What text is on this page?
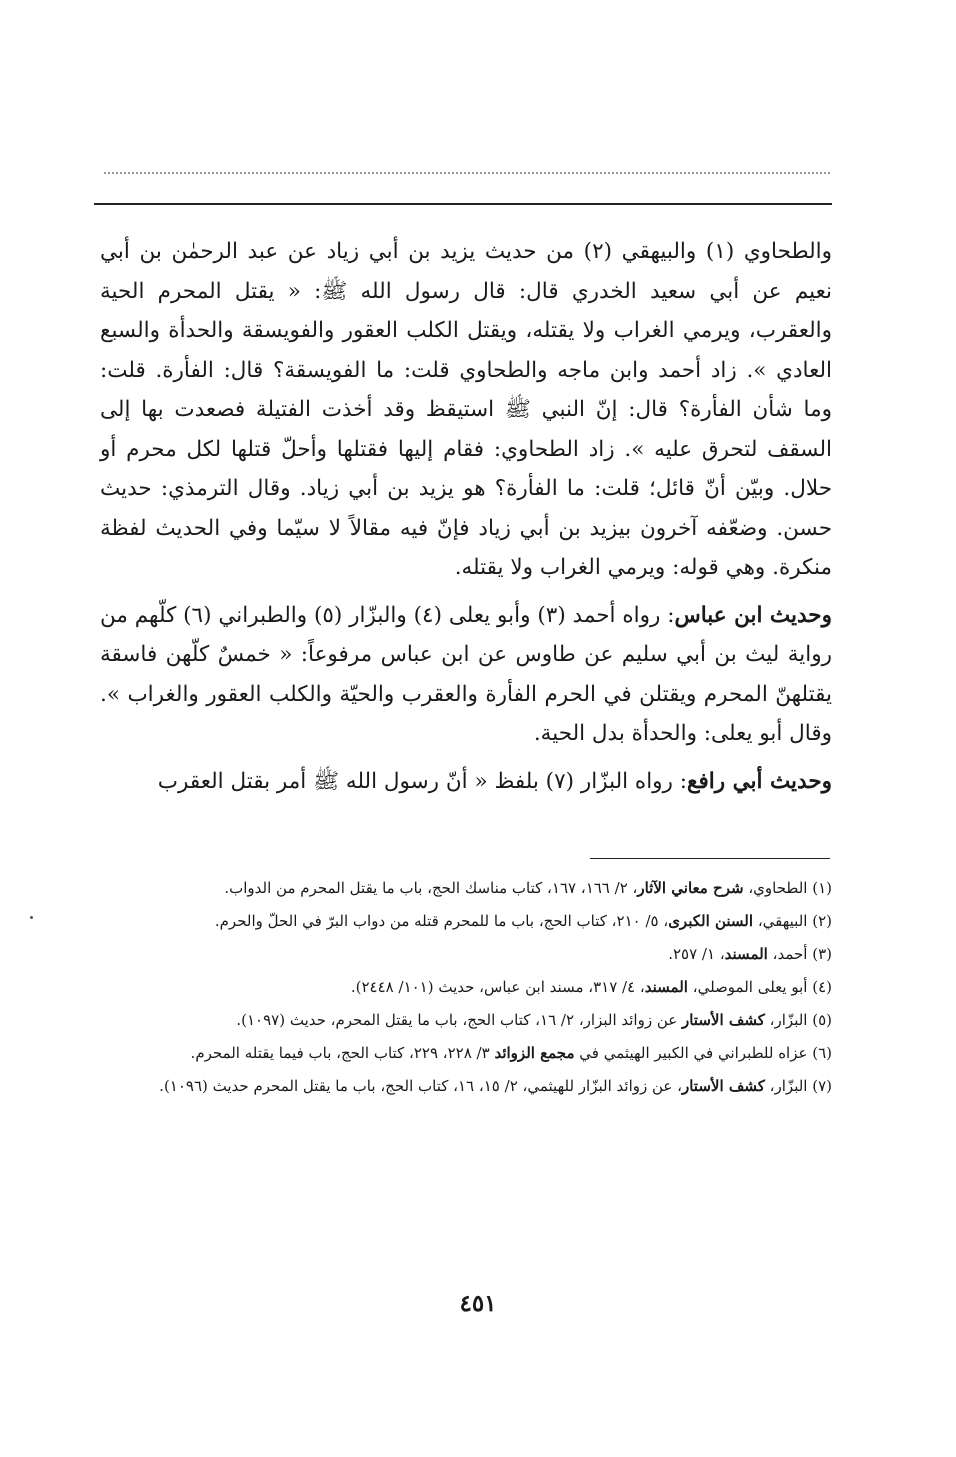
والطحاوي (١) والبيهقي (٢) من حديث يزيد بن أبي زياد عن عبد الرحمٰن بن أبي نعيم عن أبي سعيد الخدري قال: قال رسول الله ﷺ: « يقتل المحرم الحية والعقرب، ويرمي الغراب ولا يقتله، ويقتل الكلب العقور والفويسقة والحدأة والسبع العادي ». زاد أحمد وابن ماجه والطحاوي قلت: ما الفويسقة؟ قال: الفأرة. قلت: وما شأن الفأرة؟ قال: إنّ النبي ﷺ استيقظ وقد أخذت الفتيلة فصعدت بها إلى السقف لتحرق عليه ». زاد الطحاوي: فقام إليها فقتلها وأحلّ قتلها لكل محرم أو حلال. وبيّن أنّ قائل؛ قلت: ما الفأرة؟ هو يزيد بن أبي زياد. وقال الترمذي: حديث حسن. وضعّفه آخرون بيزيد بن أبي زياد فإنّ فيه مقالاً لا سيّما وفي الحديث لفظة منكرة. وهي قوله: ويرمي الغراب ولا يقتله.

وحديث ابن عباس: رواه أحمد (٣) وأبو يعلى (٤) والبزّار (٥) والطبراني (٦) كلّهم من رواية ليث بن أبي سليم عن طاوس عن ابن عباس مرفوعاً: « خمسٌ كلّهن فاسقة يقتلهنّ المحرم ويقتلن في الحرم الفأرة والعقرب والحيّة والكلب العقور والغراب ». وقال أبو يعلى: والحدأة بدل الحية.

وحديث أبي رافع: رواه البزّار (٧) بلفظ « أنّ رسول الله ﷺ أمر بقتل العقرب

(١) الطحاوي، شرح معاني الآثار، ٢/ ١٦٦، ١٦٧، كتاب مناسك الحج، باب ما يقتل المحرم من الدواب.

(٢) البيهقي، السنن الكبرى، ٥/ ٢١٠، كتاب الحج، باب ما للمحرم قتله من دواب البرّ في الحلّ والحرم.

(٣) أحمد، المسند، ١/ ٢٥٧.

(٤) أبو يعلى الموصلي، المسند، ٤/ ٣١٧، مسند ابن عباس، حديث (١٠١/ ٢٤٤٨).

(٥) البزّار، كشف الأستار عن زوائد البزار، ٢/ ١٦، كتاب الحج، باب ما يقتل المحرم، حديث (١٠٩٧).

(٦) عزاه للطبراني في الكبير الهيثمي في مجمع الزوائد ٣/ ٢٢٨، ٢٢٩، كتاب الحج، باب فيما يقتله المحرم.

(٧) البزّار، كشف الأستار، عن زوائد البزّار للهيثمي، ٢/ ١٥، ١٦، كتاب الحج، باب ما يقتل المحرم حديث (١٠٩٦).

٤٥١
